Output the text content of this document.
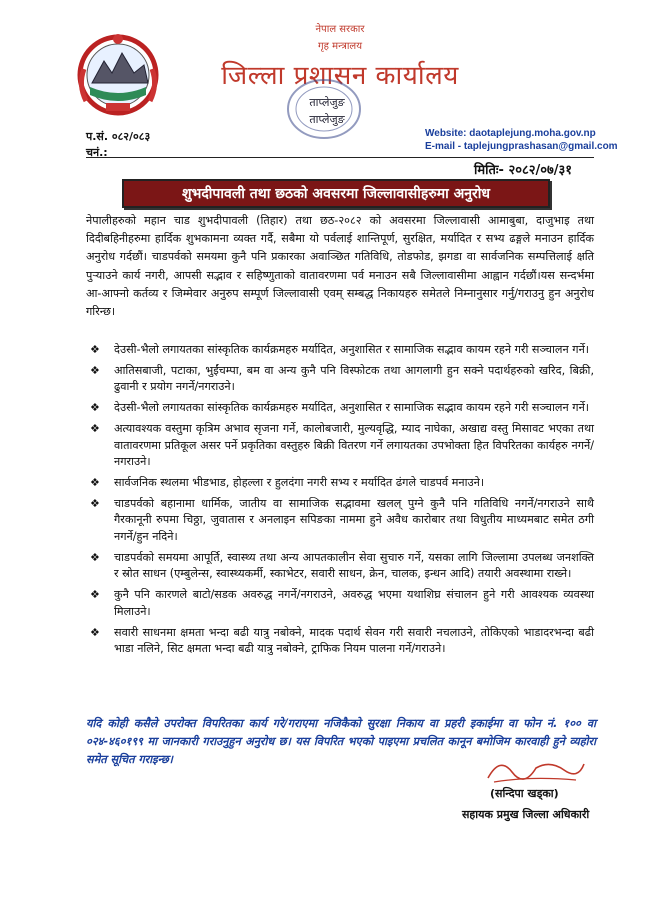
नेपाल सरकार
गृह मन्त्रालय
जिल्ला प्रशासन कार्यालय
ताप्लेजुङ
ताप्लेजुङ
प.सं. ०८२/०८३
चनं.:
Website: daotaplejung.moha.gov.np
E-mail - taplejungprashasan@gmail.com
मितिः- २०८२/०७/३१
शुभदीपावली तथा छठको अवसरमा जिल्लावासीहरुमा अनुरोध
नेपालीहरुको महान चाड शुभदीपावली (तिहार) तथा छठ-२०८२ को अवसरमा जिल्लावासी आमाबुबा, दाजुभाइ तथा दिदीबहिनीहरुमा हार्दिक शुभकामना व्यक्त गर्दै, सबैमा यो पर्वलाई शान्तिपूर्ण, सुरक्षित, मर्यादित र सभ्य ढङ्गले मनाउन हार्दिक अनुरोध गर्दछौं। चाडपर्वको समयमा कुनै पनि प्रकारका अवाञ्छित गतिविधि, तोडफोड, झगडा वा सार्वजनिक सम्पत्तिलाई क्षति पुऱ्याउने कार्य नगरी, आपसी सद्भाव र सहिष्णुताको वातावरणमा पर्व मनाउन सबै जिल्लावासीमा आह्वान गर्दछौं।यस सन्दर्भमा आ-आफ्नो कर्तव्य र जिम्मेवार अनुरुप सम्पूर्ण जिल्लावासी एवम् सम्बद्ध निकायहरु समेतले निम्नानुसार गर्नु/गराउनु हुन अनुरोध गरिन्छ।
❖ देउसी-भैलो लगायतका सांस्कृतिक कार्यक्रमहरु मर्यादित, अनुशासित र सामाजिक सद्भाव कायम रहने गरी सञ्चालन गर्ने।
❖ आतिसबाजी, पटाका, भुईंचम्पा, बम वा अन्य कुनै पनि विस्फोटक तथा आगलागी हुन सक्ने पदार्थहरुको खरिद, बिक्री, ढुवानी र प्रयोग नगर्ने/नगराउने।
❖ देउसी-भैलो लगायतका सांस्कृतिक कार्यक्रमहरु मर्यादित, अनुशासित र सामाजिक सद्भाव कायम रहने गरी सञ्चालन गर्ने।
❖ अत्यावश्यक वस्तुमा कृत्रिम अभाव सृजना गर्ने, कालोबजारी, मुल्यवृद्धि, म्याद नाघेका, अखाद्य वस्तु मिसावट भएका तथा वातावरणमा प्रतिकूल असर पर्ने प्रकृतिका वस्तुहरु बिक्री वितरण गर्ने लगायतका उपभोक्ता हित विपरितका कार्यहरु नगर्ने/नगराउने।
❖ सार्वजनिक स्थलमा भीडभाड, होहल्ला र हुलदंगा नगरी सभ्य र मर्यादित ढंगले चाडपर्व मनाउने।
❖ चाडपर्वको बहानामा धार्मिक, जातीय वा सामाजिक सद्भावमा खलल् पुग्ने कुनै पनि गतिविधि नगर्ने/नगराउने साथै गैरकानूनी रुपमा चिठ्ठा, जुवातास र अनलाइन सपिङका नाममा हुने अवैध कारोबार तथा विधुतीय माध्यमबाट समेत ठगी नगर्ने/हुन नदिने।
❖ चाडपर्वको समयमा आपूर्ति, स्वास्थ्य तथा अन्य आपतकालीन सेवा सुचारु गर्ने, यसका लागि जिल्लामा उपलब्ध जनशक्ति र स्रोत साधन (एम्बुलेन्स, स्वास्थ्यकर्मी, स्काभेटर, सवारी साधन, क्रेन, चालक, इन्धन आदि) तयारी अवस्थामा राख्ने।
❖ कुनै पनि कारणले बाटो/सडक अवरुद्ध नगर्ने/नगराउने, अवरुद्ध भएमा यथाशिघ्र संचालन हुने गरी आवश्यक व्यवस्था मिलाउने।
❖ सवारी साधनमा क्षमता भन्दा बढी यात्रु नबोक्ने, मादक पदार्थ सेवन गरी सवारी नचलाउने, तोकिएको भाडादरभन्दा बढी भाडा नलिने, सिट क्षमता भन्दा बढी यात्रु नबोक्ने, ट्राफिक नियम पालना गर्ने/गराउने।
यदि कोही कसैले उपरोक्त विपरितका कार्य गरे/गराएमा नजिकैको सुरक्षा निकाय वा प्रहरी इकाईमा वा फोन नं. १०० वा ०२४-४६०१९९ मा जानकारी गराउनुहुन अनुरोध छ। यस विपरित भएको पाइएमा प्रचलित कानून बमोजिम कारवाही हुने व्यहोरा समेत सूचित गराइन्छ।
(सन्दिपा खड्का)
सहायक प्रमुख जिल्ला अधिकारी
